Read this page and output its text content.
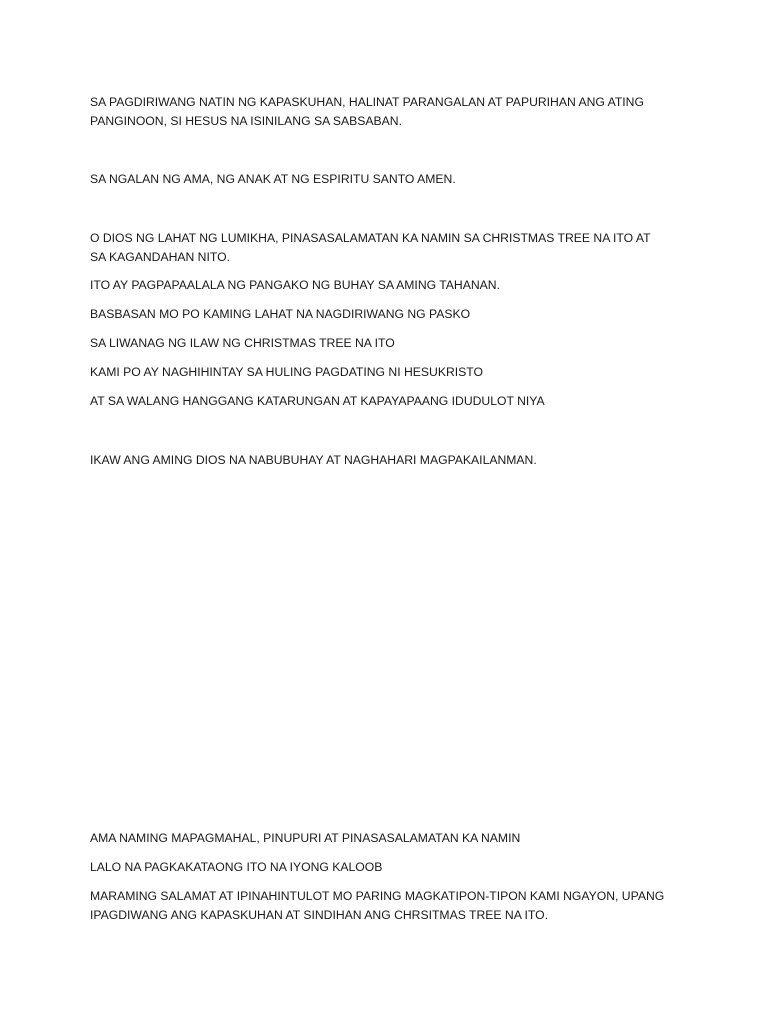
SA PAGDIRIWANG NATIN NG KAPASKUHAN, HALINAT PARANGALAN AT PAPURIHAN ANG ATING PANGINOON, SI HESUS NA ISINILANG SA SABSABAN.

SA NGALAN NG AMA, NG ANAK AT NG ESPIRITU SANTO AMEN.

O DIOS NG LAHAT NG LUMIKHA, PINASASALAMATAN KA NAMIN SA CHRISTMAS TREE NA ITO AT SA KAGANDAHAN NITO.

ITO AY PAGPAPAALALA NG PANGAKO NG BUHAY SA AMING TAHANAN.

BASBASAN MO PO KAMING LAHAT NA NAGDIRIWANG NG PASKO

SA LIWANAG NG ILAW NG CHRISTMAS TREE NA ITO

KAMI PO AY NAGHIHINTAY SA HULING PAGDATING NI HESUKRISTO

AT SA WALANG HANGGANG KATARUNGAN AT KAPAYAPAANG IDUDULOT NIYA

IKAW ANG AMING DIOS NA NABUBUHAY AT NAGHAHARI MAGPAKAILANMAN.

AMA NAMING MAPAGMAHAL, PINUPURI AT PINASASALAMATAN KA NAMIN

LALO NA PAGKAKATAONG ITO NA IYONG KALOOB

MARAMING SALAMAT AT IPINAHINTULOT MO PARING MAGKATIPON-TIPON KAMI NGAYON, UPANG IPAGDIWANG ANG KAPASKUHAN AT SINDIHAN ANG CHRSITMAS TREE NA ITO.
